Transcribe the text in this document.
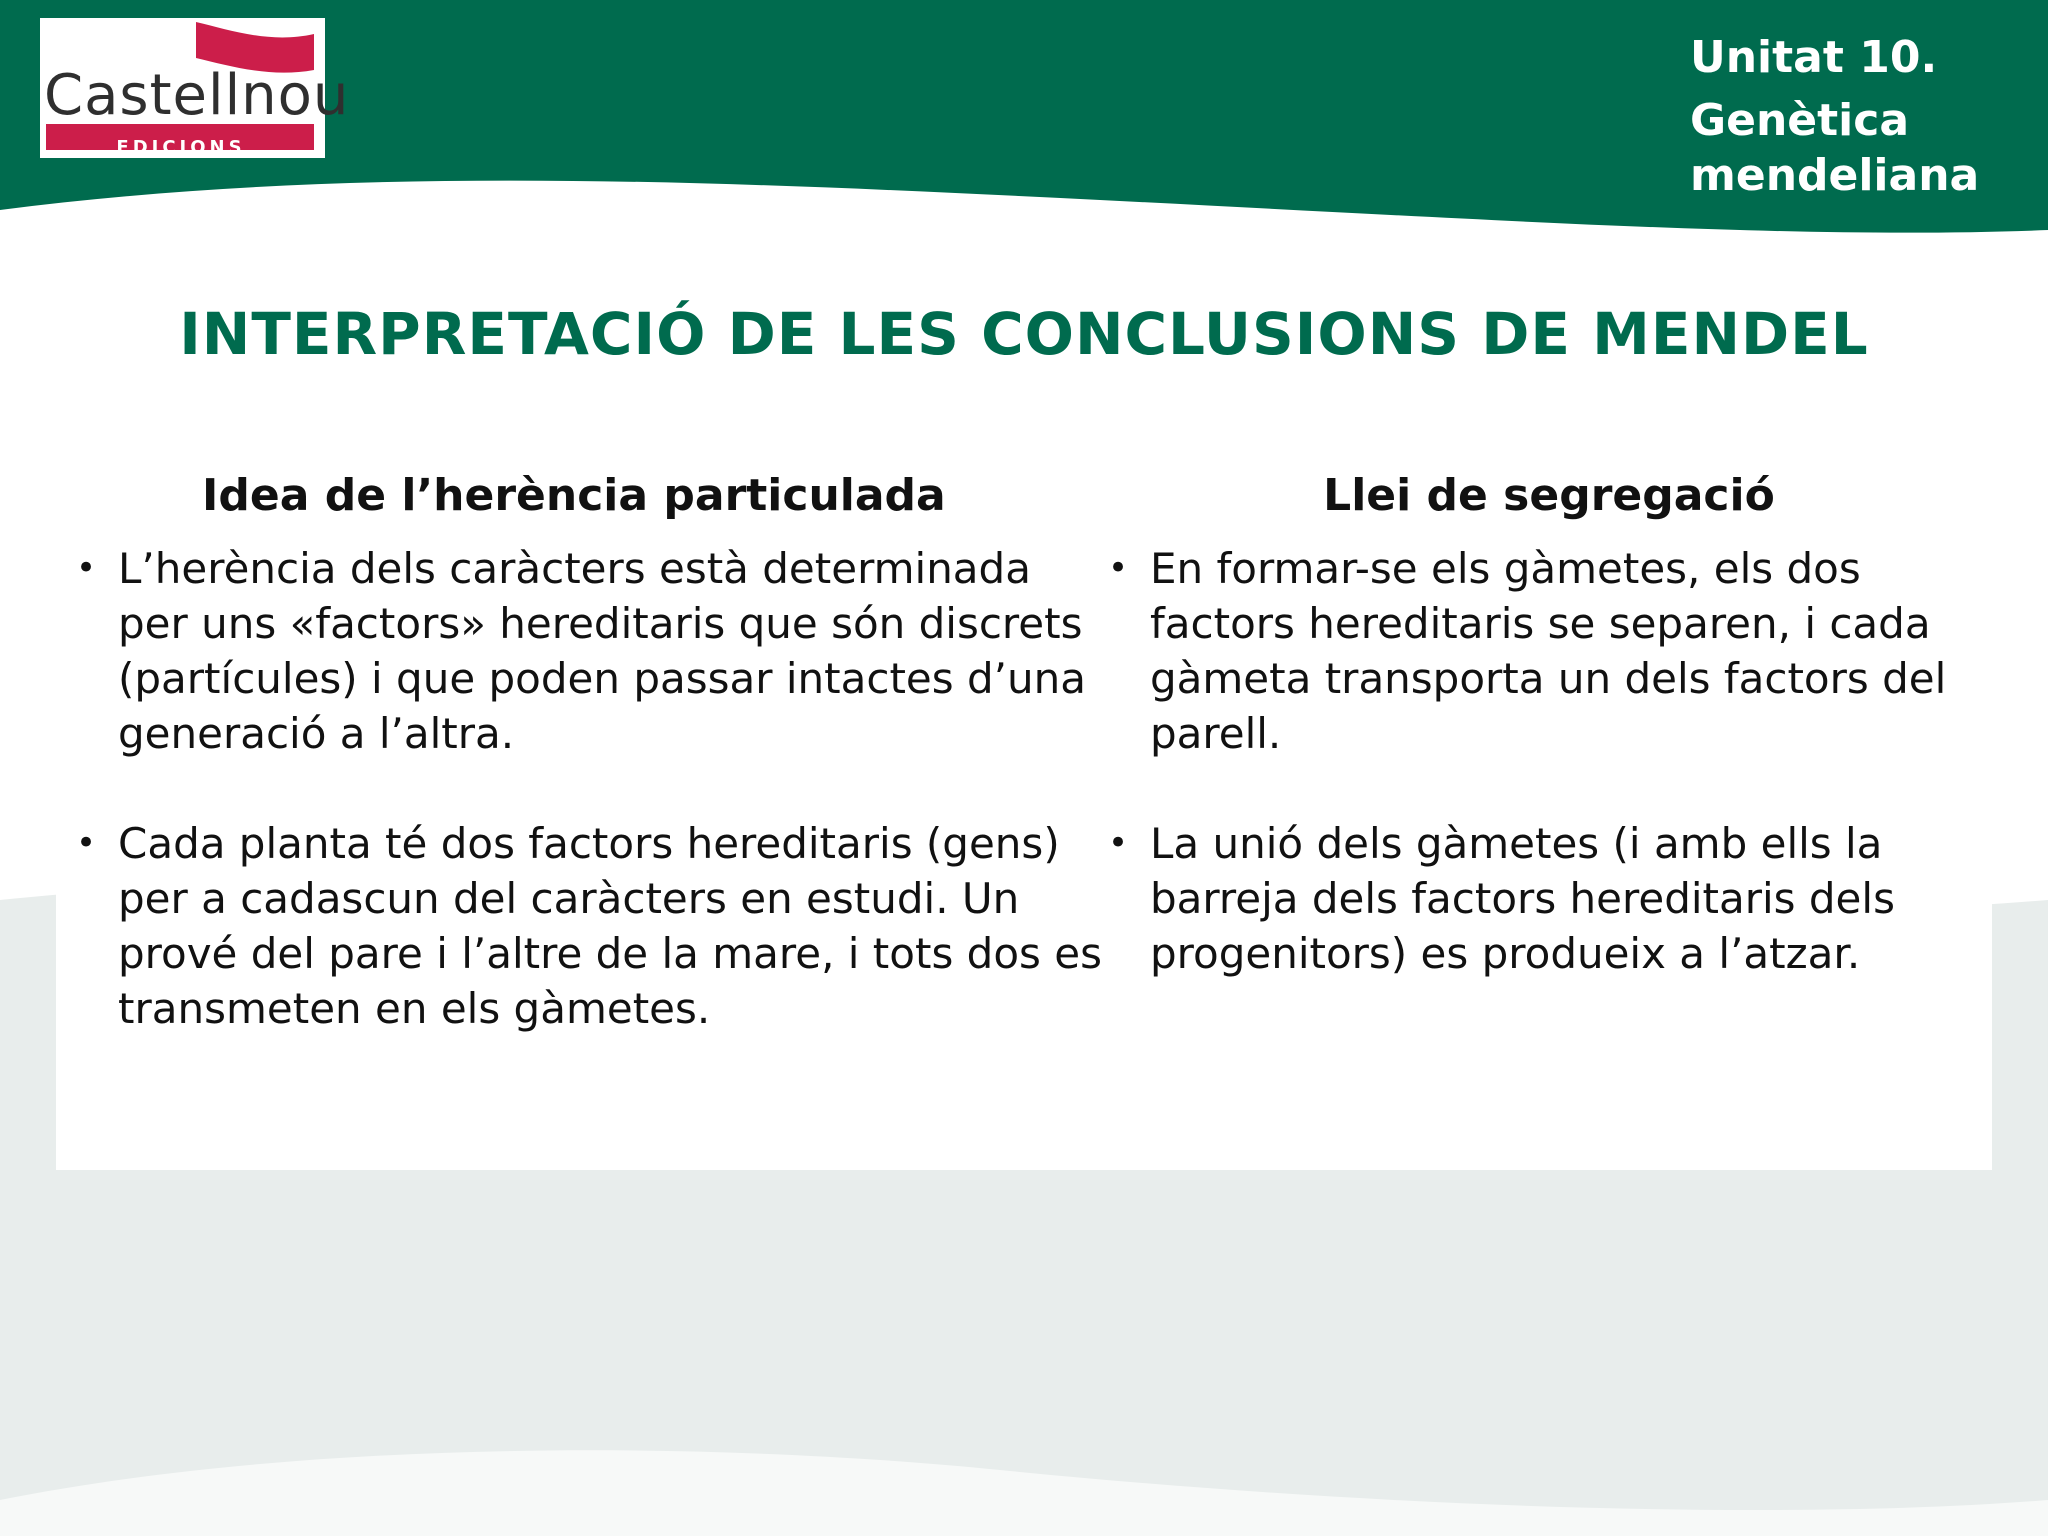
Castellnou
EDICIONS
Unitat 10.
Genètica mendeliana
INTERPRETACIÓ DE LES CONCLUSIONS DE MENDEL
Idea de l’herència particulada
• L’herència dels caràcters està determinada per uns «factors» hereditaris que són discrets (partícules) i que poden passar intactes d’una generació a l’altra.
• Cada planta té dos factors hereditaris (gens) per a cadascun del caràcters en estudi. Un prové del pare i l’altre de la mare, i tots dos es transmeten en els gàmetes.
Llei de segregació
• En formar-se els gàmetes, els dos factors hereditaris se separen, i cada gàmeta transporta un dels factors del parell.
• La unió dels gàmetes (i amb ells la barreja dels factors hereditaris dels progenitors) es produeix a l’atzar.
